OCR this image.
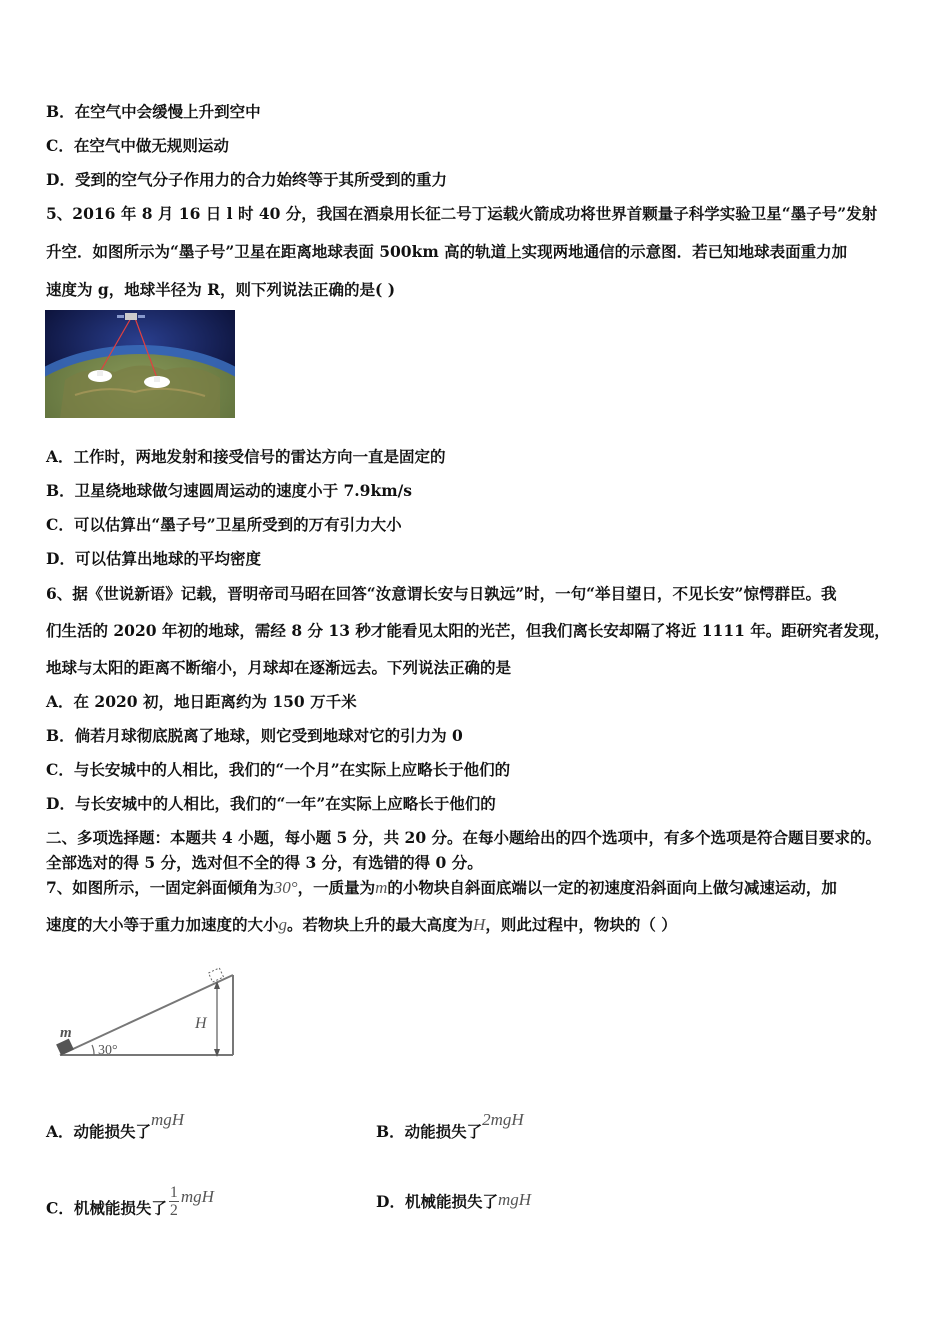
B．在空气中会缓慢上升到空中
C．在空气中做无规则运动
D．受到的空气分子作用力的合力始终等于其所受到的重力
5、2016 年 8 月 16 日 l 时 40 分，我国在酒泉用长征二号丁运载火箭成功将世界首颗量子科学实验卫星“墨子号”发射
升空．如图所示为“墨子号”卫星在距离地球表面 500km 高的轨道上实现两地通信的示意图．若已知地球表面重力加
速度为 g，地球半径为 R，则下列说法正确的是( )
A．工作时，两地发射和接受信号的雷达方向一直是固定的
B．卫星绕地球做匀速圆周运动的速度小于 7.9km/s
C．可以估算出“墨子号”卫星所受到的万有引力大小
D．可以估算出地球的平均密度
6、据《世说新语》记载，晋明帝司马昭在回答“汝意谓长安与日孰远”时，一句“举目望日，不见长安”惊愕群臣。我
们生活的 2020 年初的地球，需经 8 分 13 秒才能看见太阳的光芒，但我们离长安却隔了将近 1111 年。距研究者发现，
地球与太阳的距离不断缩小，月球却在逐渐远去。下列说法正确的是
A．在 2020 初，地日距离约为 150 万千米
B．倘若月球彻底脱离了地球，则它受到地球对它的引力为 0
C．与长安城中的人相比，我们的“一个月”在实际上应略长于他们的
D．与长安城中的人相比，我们的“一年”在实际上应略长于他们的
二、多项选择题：本题共 4 小题，每小题 5 分，共 20 分。在每小题给出的四个选项中，有多个选项是符合题目要求的。
全部选对的得 5 分，选对但不全的得 3 分，有选错的得 0 分。
7、如图所示，一固定斜面倾角为30°，一质量为m的小物块自斜面底端以一定的初速度沿斜面向上做匀减速运动，加
速度的大小等于重力加速度的大小g。若物块上升的最大高度为H，则此过程中，物块的（ ）
H
m
30°
A．动能损失了mgH
B．动能损失了2mgH
C．机械能损失了 $\frac{1}{2}$ mgH	D．机械能损失了mgH
